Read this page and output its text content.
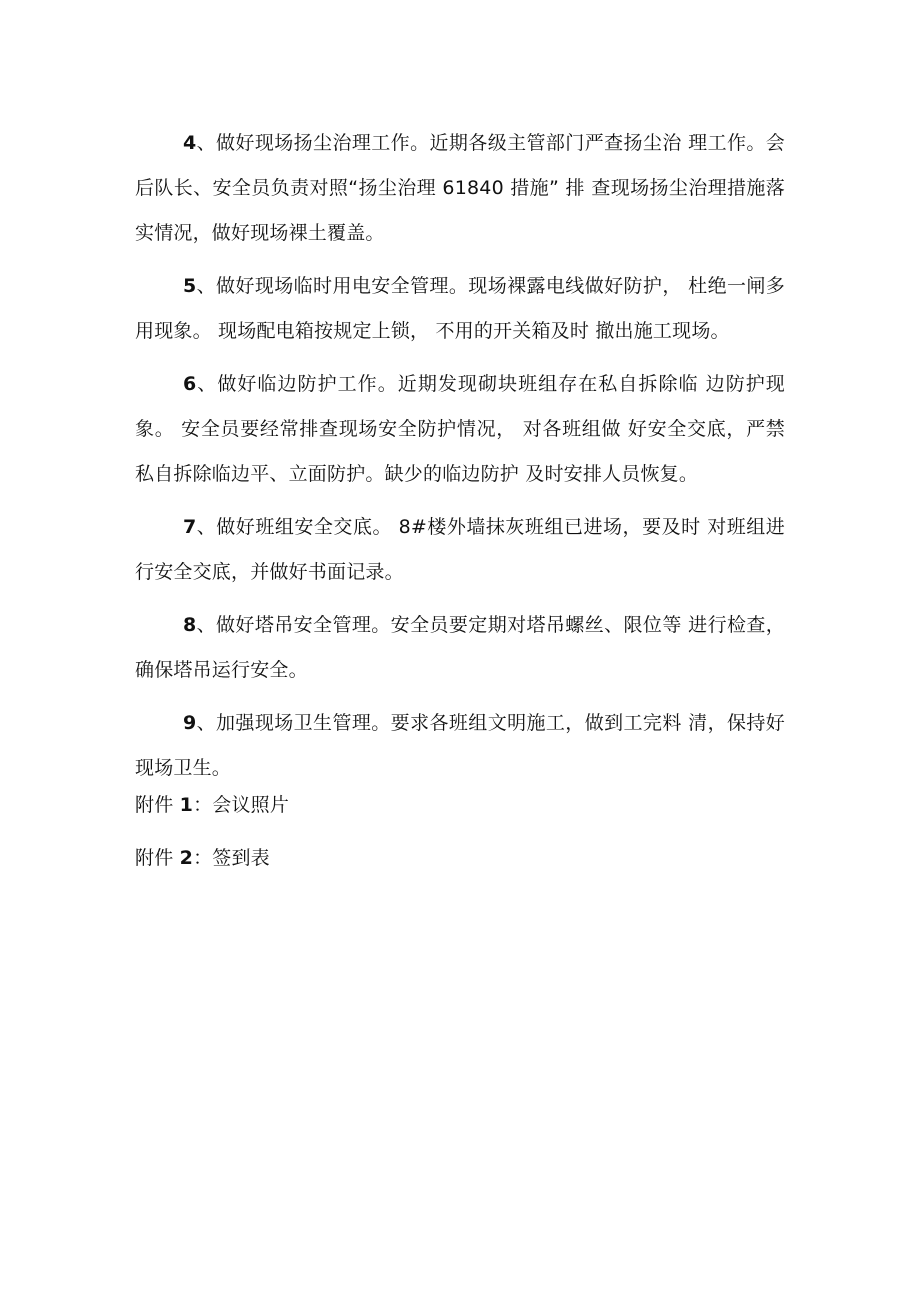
4、做好现场扬尘治理工作。近期各级主管部门严查扬尘治 理工作。会后队长、安全员负责对照“扬尘治理 61840 措施” 排 查现场扬尘治理措施落实情况，做好现场裸土覆盖。

5、做好现场临时用电安全管理。现场裸露电线做好防护， 杜绝一闸多用现象。 现场配电箱按规定上锁， 不用的开关箱及时 撤出施工现场。

6、做好临边防护工作。近期发现砌块班组存在私自拆除临 边防护现象。 安全员要经常排查现场安全防护情况， 对各班组做 好安全交底，严禁私自拆除临边平、立面防护。缺少的临边防护 及时安排人员恢复。

7、做好班组安全交底。 8#楼外墙抹灰班组已进场，要及时 对班组进行安全交底，并做好书面记录。

8、做好塔吊安全管理。安全员要定期对塔吊螺丝、限位等 进行检查，确保塔吊运行安全。

9、加强现场卫生管理。要求各班组文明施工，做到工完料 清，保持好现场卫生。

附件 1：会议照片

附件 2：签到表
